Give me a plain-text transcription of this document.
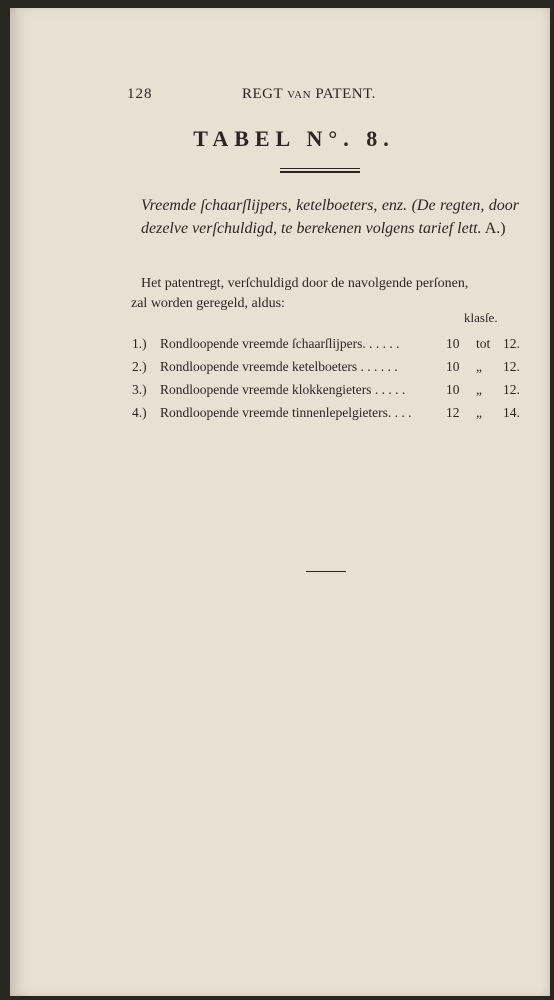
128	REGT VAN PATENT.
TABEL N°. 8.
Vreemde ſchaarſlijpers, ketelboeters, enz. (De regten, door dezelve verſchuldigd, te berekenen volgens tarief lett. A.)
Het patentregt, verſchuldigd door de navolgende perſonen,
zal worden geregeld, aldus:
klasſe.
1.) Rondloopende vreemde ſchaarſlijpers. . . . . .	10 tot 12.
2.) Rondloopende vreemde ketelboeters . . . . . .	10 „ 12.
3.) Rondloopende vreemde klokkengieters . . . . .	10 „ 12.
4.) Rondloopende vreemde tinnenlepelgieters. . . .	12 „ 14.
